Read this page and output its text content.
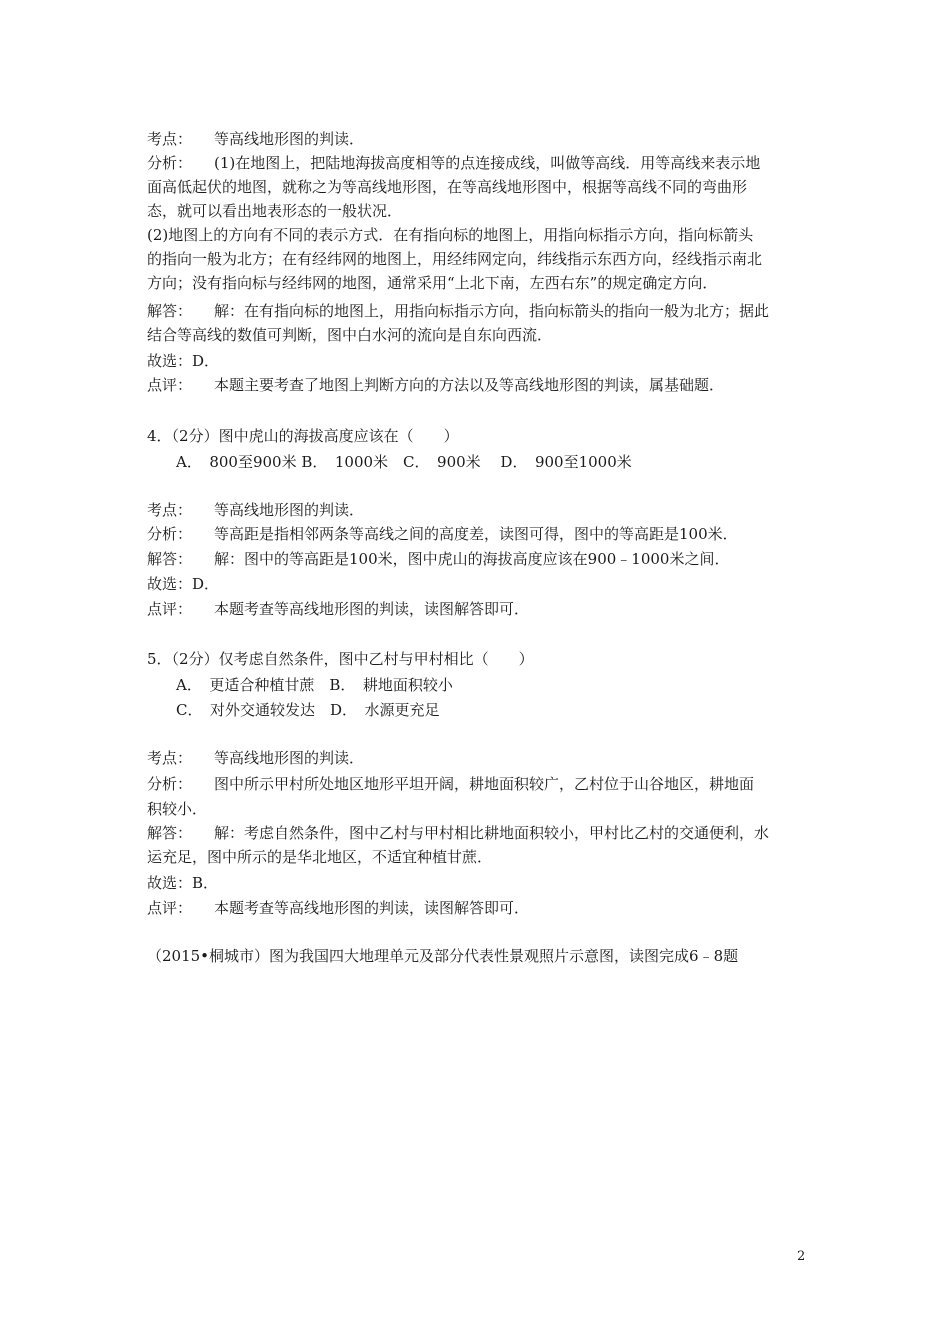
考点： 等高线地形图的判读．
分析： (1)在地图上，把陆地海拔高度相等的点连接成线，叫做等高线．用等高线来表示地
面高低起伏的地图，就称之为等高线地形图，在等高线地形图中，根据等高线不同的弯曲形
态，就可以看出地表形态的一般状况．
(2)地图上的方向有不同的表示方式．在有指向标的地图上，用指向标指示方向，指向标箭头
的指向一般为北方；在有经纬网的地图上，用经纬网定向，纬线指示东西方向，经线指示南北
方向；没有指向标与经纬网的地图，通常采用“上北下南，左西右东”的规定确定方向．
解答： 解：在有指向标的地图上，用指向标指示方向，指向标箭头的指向一般为北方；据此
结合等高线的数值可判断，图中白水河的流向是自东向西流．
故选：D．
点评： 本题主要考查了地图上判断方向的方法以及等高线地形图的判读，属基础题．
4．（2分）图中虎山的海拔高度应该在（　　）
A．　800至900米 B．　1000米　C．　900米　 D．　900至1000米
考点： 等高线地形图的判读．
分析： 等高距是指相邻两条等高线之间的高度差，读图可得，图中的等高距是100米．
解答： 解：图中的等高距是100米，图中虎山的海拔高度应该在900﹣1000米之间．
故选：D．
点评： 本题考查等高线地形图的判读，读图解答即可．
5．（2分）仅考虑自然条件，图中乙村与甲村相比（　　）
A．　更适合种植甘蔗　B．　耕地面积较小
C．　对外交通较发达　D．　水源更充足
考点： 等高线地形图的判读．
分析： 图中所示甲村所处地区地形平坦开阔，耕地面积较广，乙村位于山谷地区，耕地面
积较小．
解答： 解：考虑自然条件，图中乙村与甲村相比耕地面积较小，甲村比乙村的交通便利，水
运充足，图中所示的是华北地区，不适宜种植甘蔗．
故选：B．
点评： 本题考查等高线地形图的判读，读图解答即可．
（2015•桐城市）图为我国四大地理单元及部分代表性景观照片示意图，读图完成6﹣8题
2
